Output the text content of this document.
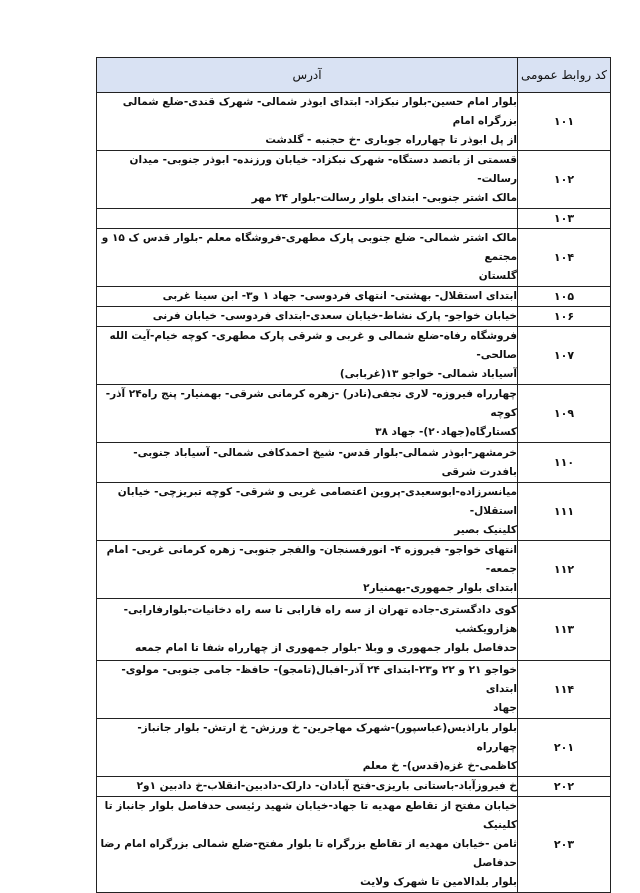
کد روابط عمومی	آدرس
۱۰۱	بلوار امام حسین-بلوار نبکزاد- ابتدای ابوذر شمالی- شهرک قندی-ضلع شمالی بزرگراه امام
از پل ابوذر تا چهارراه جوباری -خ حجنبه - گلدشت
۱۰۲	قسمتی از باتصد دستگاه- شهرک نبکزاد- خیابان ورزنده- ابوذر جنوبی- میدان رسالت-
مالک اشتر جنوبی- ابتدای بلوار رسالت-بلوار ۲۴ مهر
۱۰۳	
۱۰۴	مالک اشتر شمالی- ضلع جنوبی پارک مطهری-فروشگاه معلم -بلوار قدس ک ۱۵ و مجتمع
گلستان
۱۰۵	ابتدای استقلال- بهشتی- انتهای فردوسی- جهاد ۱ و۳- ابن سینا غربی
۱۰۶	خیابان خواجو- پارک نشاط-خیابان سعدی-ابتدای فردوسی- خیابان فرنی
۱۰۷	فروشگاه رفاه-ضلع شمالی و غربی و شرقی پارک مطهری- کوچه خیام-آیت الله صالحی-
آسیاباد شمالی- خواجو ۱۳(غربابی)
۱۰۹	چهارراه فیروزه- لاری نجفی(نادر) -زهره کرمانی شرقی- بهمنیار- پنج راه۲۴ آذر- کوچه
کستارگاه(جهاد۲۰)- جهاد ۳۸
۱۱۰	خرمشهر-ابوذر شمالی-بلوار قدس- شیخ احمدکافی شمالی- آسیاباد جنوبی-بافدرت شرقی
۱۱۱	میانسرزاده-ابوسعیدی-پروین اعتصامی غربی و شرقی- کوچه تبریزچی- خیابان استقلال-
کلینیک بصیر
۱۱۲	انتهای خواجو- فیروزه ۴- انورفسنجان- والفجر جنوبی- زهره کرمانی غربی- امام جمعه-
ابتدای بلوار جمهوری-بهمنیار۲
۱۱۳	کوی دادگستری-جاده تهران از سه راه فارابی تا سه راه دخانیات-بلوارفارابی-هزارویکشب
حدفاصل بلوار جمهوری و وبلا -بلوار جمهوری از چهارراه شفا تا امام جمعه
۱۱۴	خواجو ۲۱ و ۲۲ و۲۳-ابتدای ۲۴ آذر-افبال(تامجو)- حافظ- جامی جنوبی- مولوی- ابتدای
جهاد
۲۰۱	بلوار باراذیس(عباسپور)-شهرک مهاجرین- خ ورزش- خ ارتش- بلوار جانباز- چهارراه
کاظمی-خ غزه(قدس)- خ معلم
۲۰۲	خ فیروزآباد-باستانی باریزی-فتح آبادان- دارلک-دادبین-انقلاب-خ دادبین ۱و۲
۲۰۳	خیابان مفتح از تقاطع مهدیه تا جهاد-خیابان شهید رئیسی حدفاصل بلوار جانباز تا کلینیک
ثامن -خیابان مهدیه از تقاطع بزرگراه تا بلوار مفتح-ضلع شمالی بزرگراه امام رضا حدفاصل
بلوار بلدالامین تا شهرک ولایت
